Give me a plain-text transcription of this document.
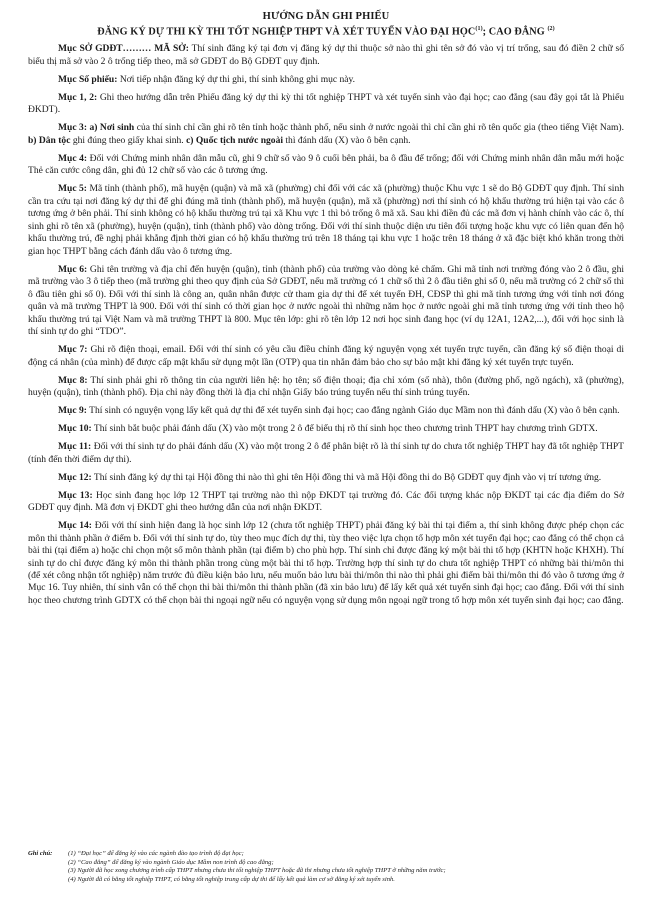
HƯỚNG DẪN GHI PHIẾU
ĐĂNG KÝ DỰ THI KỲ THI TỐT NGHIỆP THPT VÀ XÉT TUYỂN VÀO ĐẠI HỌC$^{(1)}$; CAO ĐẲNG $^{(2)}$

Mục SỞ GDĐT……… MÃ SỞ: Thí sinh đăng ký tại đơn vị đăng ký dự thi thuộc sở nào thì ghi tên sở đó vào vị trí trống, sau đó điền 2 chữ số biểu thị mã sở vào 2 ô trống tiếp theo, mã sở GDĐT do Bộ GDĐT quy định.

Mục Số phiếu: Nơi tiếp nhận đăng ký dự thi ghi, thí sinh không ghi mục này.

Mục 1, 2: Ghi theo hướng dẫn trên Phiếu đăng ký dự thi kỳ thi tốt nghiệp THPT và xét tuyển sinh vào đại học; cao đẳng (sau đây gọi tắt là Phiếu ĐKDT).

Mục 3: a) Nơi sinh của thí sinh chỉ cần ghi rõ tên tỉnh hoặc thành phố, nếu sinh ở nước ngoài thì chỉ cần ghi rõ tên quốc gia (theo tiếng Việt Nam). b) Dân tộc ghi đúng theo giấy khai sinh. c) Quốc tịch nước ngoài thì đánh dấu (X) vào ô bên cạnh.

Mục 4: Đối với Chứng minh nhân dân mẫu cũ, ghi 9 chữ số vào 9 ô cuối bên phải, ba ô đầu để trống; đối với Chứng minh nhân dân mẫu mới hoặc Thẻ căn cước công dân, ghi đủ 12 chữ số vào các ô tương ứng.

Mục 5: Mã tỉnh (thành phố), mã huyện (quận) và mã xã (phường) chỉ đối với các xã (phường) thuộc Khu vực 1 sẽ do Bộ GDĐT quy định. Thí sinh cần tra cứu tại nơi đăng ký dự thi để ghi đúng mã tỉnh (thành phố), mã huyện (quận), mã xã (phường) nơi thí sinh có hộ khẩu thường trú hiện tại vào các ô tương ứng ở bên phải. Thí sinh không có hộ khẩu thường trú tại xã Khu vực 1 thì bỏ trống ô mã xã. Sau khi điền đủ các mã đơn vị hành chính vào các ô, thí sinh ghi rõ tên xã (phường), huyện (quận), tỉnh (thành phố) vào dòng trống. Đối với thí sinh thuộc diện ưu tiên đối tượng hoặc khu vực có liên quan đến hộ khẩu thường trú, đề nghị phải khẳng định thời gian có hộ khẩu thường trú trên 18 tháng tại khu vực 1 hoặc trên 18 tháng ở xã đặc biệt khó khăn trong thời gian học THPT bằng cách đánh dấu vào ô tương ứng.

Mục 6: Ghi tên trường và địa chỉ đến huyện (quận), tỉnh (thành phố) của trường vào dòng kẻ chấm. Ghi mã tỉnh nơi trường đóng vào 2 ô đầu, ghi mã trường vào 3 ô tiếp theo (mã trường ghi theo quy định của Sở GDĐT, nếu mã trường có 1 chữ số thì 2 ô đầu tiên ghi số 0, nếu mã trường có 2 chữ số thì ô đầu tiên ghi số 0). Đối với thí sinh là công an, quân nhân được cử tham gia dự thi để xét tuyển ĐH, CĐSP thì ghi mã tỉnh tương ứng với tỉnh nơi đóng quân và mã trường THPT là 900. Đối với thí sinh có thời gian học ở nước ngoài thì những năm học ở nước ngoài ghi mã tỉnh tương ứng với tỉnh theo hộ khẩu thường trú tại Việt Nam và mã trường THPT là 800. Mục tên lớp: ghi rõ tên lớp 12 nơi học sinh đang học (ví dụ 12A1, 12A2,...), đối với học sinh là thí sinh tự do ghi “TDO”.

Mục 7: Ghi rõ điện thoại, email. Đối với thí sinh có yêu cầu điều chỉnh đăng ký nguyện vọng xét tuyển trực tuyến, cần đăng ký số điện thoại di động cá nhân (của mình) để được cấp mật khẩu sử dụng một lần (OTP) qua tin nhắn đảm bảo cho sự bảo mật khi đăng ký xét tuyển trực tuyến.

Mục 8: Thí sinh phải ghi rõ thông tin của người liên hệ: họ tên; số điện thoại; địa chỉ xóm (số nhà), thôn (đường phố, ngõ ngách), xã (phường), huyện (quận), tỉnh (thành phố). Địa chỉ này đồng thời là địa chỉ nhận Giấy báo trúng tuyển nếu thí sinh trúng tuyển.

Mục 9: Thí sinh có nguyện vọng lấy kết quả dự thi để xét tuyển sinh đại học; cao đẳng ngành Giáo dục Mầm non thì đánh dấu (X) vào ô bên cạnh.

Mục 10: Thí sinh bắt buộc phải đánh dấu (X) vào một trong 2 ô để biểu thị rõ thí sinh học theo chương trình THPT hay chương trình GDTX.

Mục 11: Đối với thí sinh tự do phải đánh dấu (X) vào một trong 2 ô để phân biệt rõ là thí sinh tự do chưa tốt nghiệp THPT hay đã tốt nghiệp THPT (tính đến thời điểm dự thi).

Mục 12: Thí sinh đăng ký dự thi tại Hội đồng thi nào thì ghi tên Hội đồng thi và mã Hội đồng thi do Bộ GDĐT quy định vào vị trí tương ứng.

Mục 13: Học sinh đang học lớp 12 THPT tại trường nào thì nộp ĐKDT tại trường đó. Các đối tượng khác nộp ĐKDT tại các địa điểm do Sở GDĐT quy định. Mã đơn vị ĐKDT ghi theo hướng dẫn của nơi nhận ĐKDT.

Mục 14: Đối với thí sinh hiện đang là học sinh lớp 12 (chưa tốt nghiệp THPT) phải đăng ký bài thi tại điểm a, thí sinh không được phép chọn các môn thi thành phần ở điểm b. Đối với thí sinh tự do, tùy theo mục đích dự thi, tùy theo việc lựa chọn tổ hợp môn xét tuyển đại học; cao đẳng có thể chọn cả bài thi (tại điểm a) hoặc chỉ chọn một số môn thành phần (tại điểm b) cho phù hợp. Thí sinh chỉ được đăng ký một bài thi tổ hợp (KHTN hoặc KHXH). Thí sinh tự do chỉ được đăng ký môn thi thành phần trong cùng một bài thi tổ hợp. Trường hợp thí sinh tự do chưa tốt nghiệp THPT có những bài thi/môn thi (để xét công nhận tốt nghiệp) năm trước đủ điều kiện bảo lưu, nếu muốn bảo lưu bài thi/môn thi nào thì phải ghi điểm bài thi/môn thi đó vào ô tương ứng ở Mục 16. Tuy nhiên, thí sinh vẫn có thể chọn thi bài thi/môn thi thành phần (đã xin bảo lưu) để lấy kết quả xét tuyển sinh đại học; cao đẳng. Đối với thí sinh học theo chương trình GDTX có thể chọn bài thi ngoại ngữ nếu có nguyện vọng sử dụng môn ngoại ngữ trong tổ hợp môn xét tuyển sinh đại học; cao đẳng.

Ghi chú:	(1) “Đại học” để đăng ký vào các ngành đào tạo trình độ đại học;
(2) “Cao đẳng” để đăng ký vào ngành Giáo dục Mầm non trình độ cao đẳng;
(3) Người đã học xong chương trình cấp THPT nhưng chưa thi tốt nghiệp THPT hoặc đã thi nhưng chưa tốt nghiệp THPT ở những năm trước;
(4) Người đã có bằng tốt nghiệp THPT, có bằng tốt nghiệp trung cấp dự thi để lấy kết quả làm cơ sở đăng ký xét tuyển sinh.
